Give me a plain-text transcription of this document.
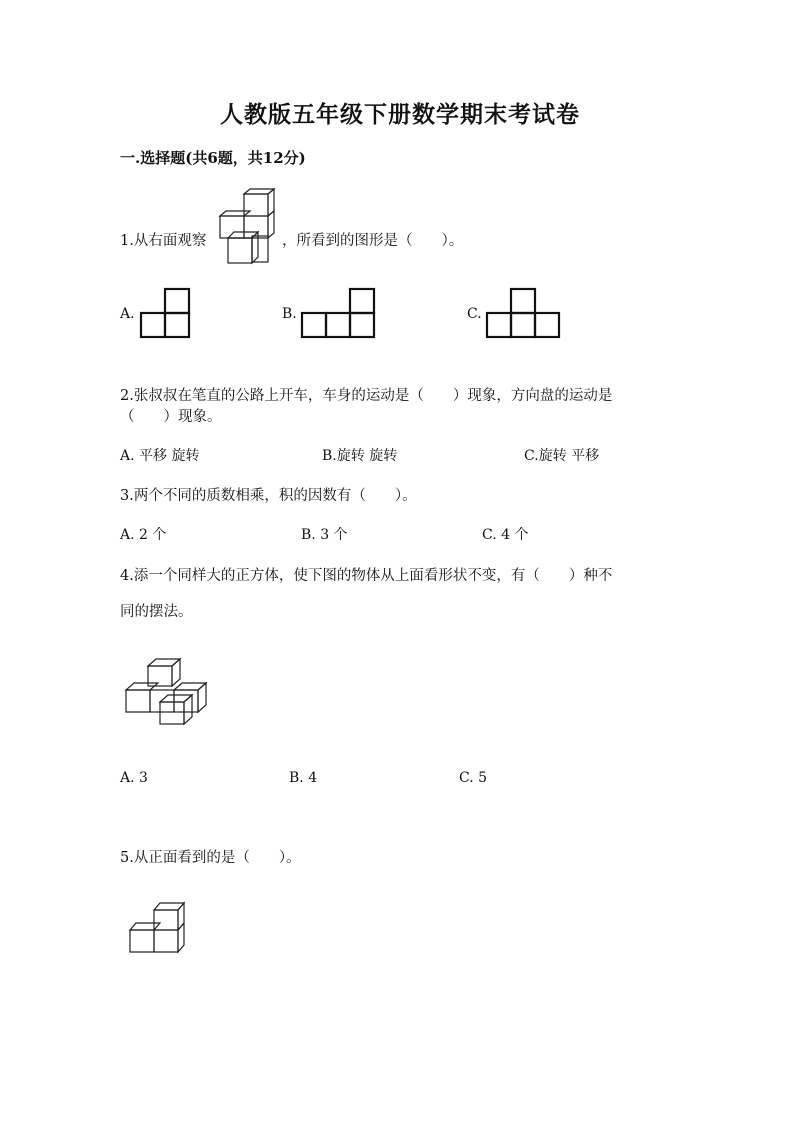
人教版五年级下册数学期末考试卷
一.选择题(共6题，共12分)
1.从右面观察	，所看到的图形是（　　）。
A.	B.	C.
2.张叔叔在笔直的公路上开车，车身的运动是（　　）现象，方向盘的运动是
（　　）现象。
A. 平移 旋转	B.旋转 旋转	C.旋转 平移
3.两个不同的质数相乘，积的因数有（　　）。
A. 2 个	B. 3 个	C. 4 个
4.添一个同样大的正方体，使下图的物体从上面看形状不变，有（　　）种不
同的摆法。
A. 3	B. 4	C. 5
5.从正面看到的是（　　）。
